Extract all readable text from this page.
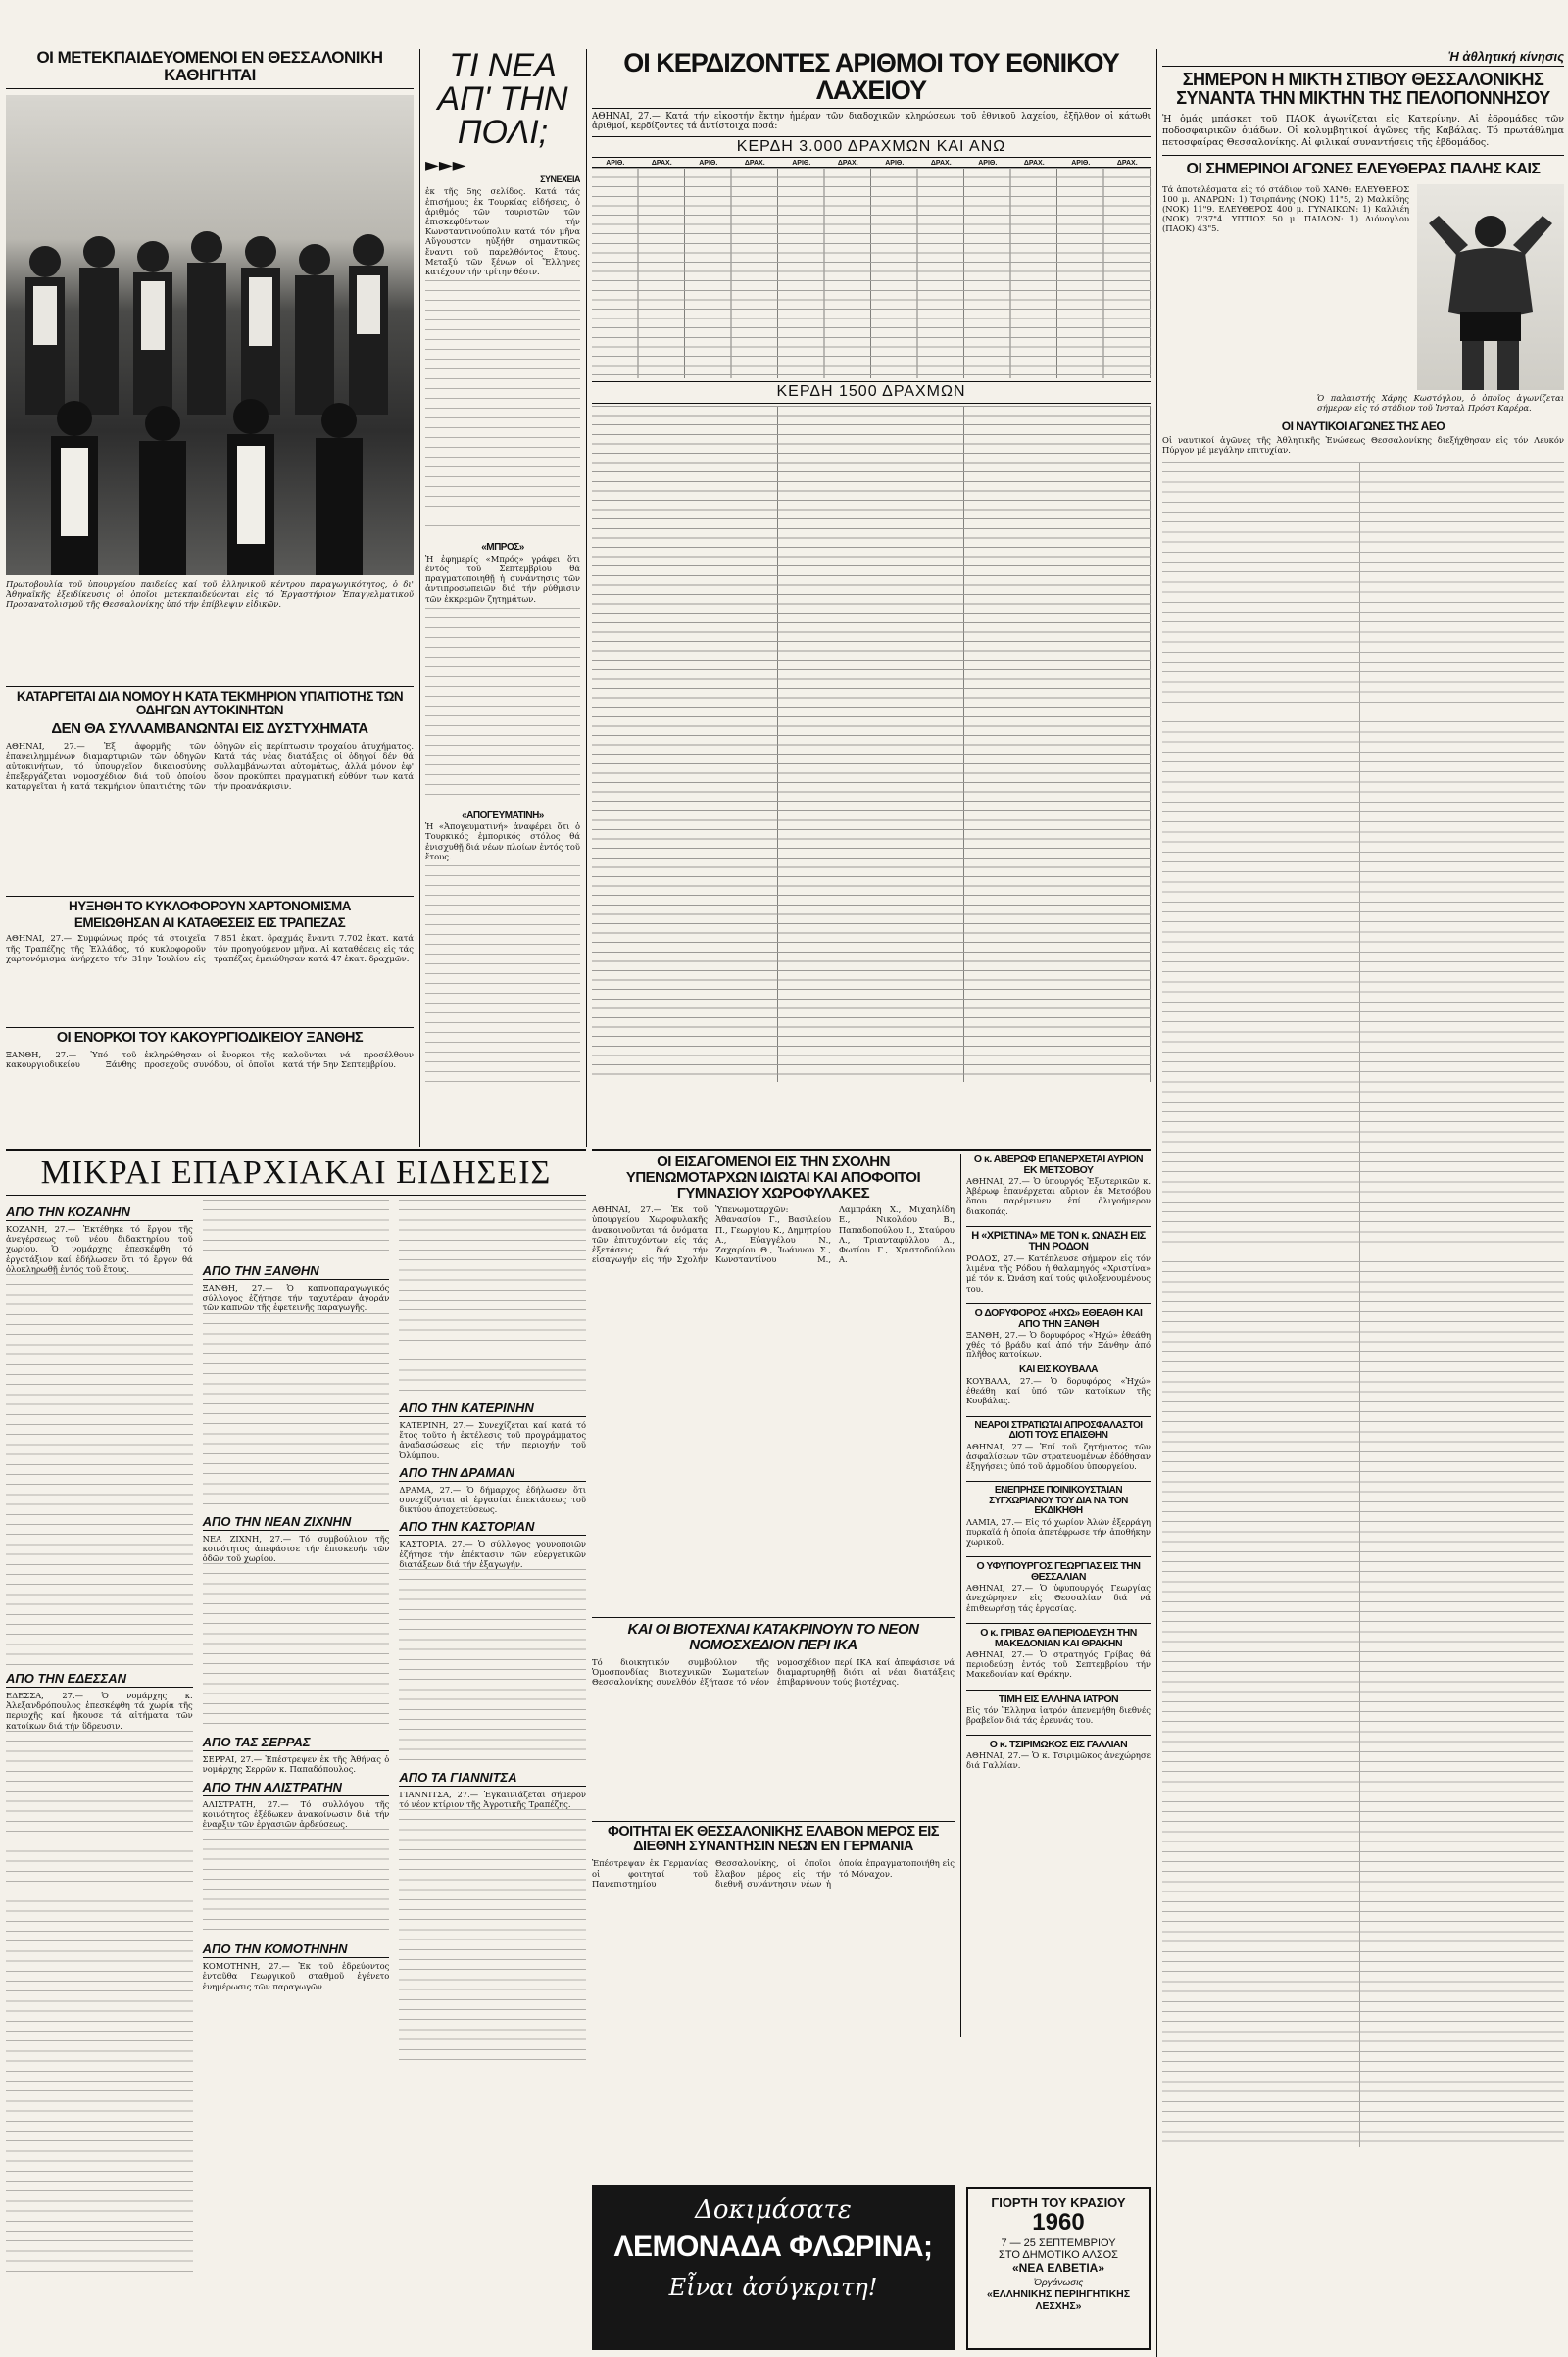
ΟΙ ΜΕΤΕΚΠΑΙΔΕΥΟΜΕΝΟΙ ΕΝ ΘΕΣΣΑΛΟΝΙΚΗ ΚΑΘΗΓΗΤΑΙ
Πρωτοβουλία τοῦ ὑπουργείου παιδείας καί τοῦ ἑλληνικοῦ κέντρου παραγωγικότητος, ὁ δι' Ἀθηναϊκῆς ἐξειδίκευσις οἱ ὁποῖοι μετεκπαιδεύονται εἰς τό Ἐργαστήριον Ἐπαγγελματικοῦ Προσανατολισμοῦ τῆς Θεσσαλονίκης ὑπό τήν ἐπίβλεψιν εἰδικῶν.
ΚΑΤΑΡΓΕΙΤΑΙ ΔΙΑ ΝΟΜΟΥ Η ΚΑΤΑ ΤΕΚΜΗΡΙΟΝ ΥΠΑΙΤΙΟΤΗΣ ΤΩΝ ΟΔΗΓΩΝ ΑΥΤΟΚΙΝΗΤΩΝ
ΔΕΝ ΘΑ ΣΥΛΛΑΜΒΑΝΩΝΤΑΙ ΕΙΣ ΔΥΣΤΥΧΗΜΑΤΑ
ΑΘΗΝΑΙ, 27.— Ἐξ ἀφορμῆς τῶν ἐπανειλημμένων διαμαρτυριῶν τῶν ὁδηγῶν αὐτοκινήτων, τό ὑπουργεῖον δικαιοσύνης ἐπεξεργάζεται νομοσχέδιον διά τοῦ ὁποίου καταργεῖται ἡ κατά τεκμήριον ὑπαιτιότης τῶν ὁδηγῶν εἰς περίπτωσιν τροχαίου ἀτυχήματος. Κατά τάς νέας διατάξεις οἱ ὁδηγοί δέν θά συλλαμβάνωνται αὐτομάτως, ἀλλά μόνον ἐφ' ὅσον προκύπτει πραγματική εὐθύνη των κατά τήν προανάκρισιν.
ΗΥΞΗΘΗ ΤΟ ΚΥΚΛΟΦΟΡΟΥΝ ΧΑΡΤΟΝΟΜΙΣΜΑ
ΕΜΕΙΩΘΗΣΑΝ ΑΙ ΚΑΤΑΘΕΣΕΙΣ ΕΙΣ ΤΡΑΠΕΖΑΣ
ΑΘΗΝΑΙ, 27.— Συμφώνως πρός τά στοιχεῖα τῆς Τραπέζης τῆς Ἑλλάδος, τό κυκλοφοροῦν χαρτονόμισμα ἀνήρχετο τήν 31ην Ἰουλίου εἰς 7.851 ἑκατ. δραχμάς ἔναντι 7.702 ἑκατ. κατά τόν προηγούμενον μῆνα. Αἱ καταθέσεις εἰς τάς τραπέζας ἐμειώθησαν κατά 47 ἑκατ. δραχμῶν.
ΟΙ ΕΝΟΡΚΟΙ ΤΟΥ ΚΑΚΟΥΡΓΙΟΔΙΚΕΙΟΥ ΞΑΝΘΗΣ
ΞΑΝΘΗ, 27.— Ὑπό τοῦ κακουργιοδικείου Ξάνθης ἐκληρώθησαν οἱ ἔνορκοι τῆς προσεχοῦς συνόδου, οἱ ὁποῖοι καλοῦνται νά προσέλθουν κατά τήν 5ην Σεπτεμβρίου.
ΤΙ ΝΕΑ ΑΠ' ΤΗΝ ΠΟΛΙ;
►►►
ΣΥΝΕΧΕΙΑ
ἐκ τῆς 5ης σελίδος. Κατά τάς ἐπισήμους ἐκ Τουρκίας εἰδήσεις, ὁ ἀριθμός τῶν τουριστῶν τῶν ἐπισκεφθέντων τήν Κωνσταντινούπολιν κατά τόν μῆνα Αὔγουστον ηὐξήθη σημαντικῶς ἔναντι τοῦ παρελθόντος ἔτους. Μεταξύ τῶν ξένων οἱ Ἕλληνες κατέχουν τήν τρίτην θέσιν.
«ΜΠΡΟΣ»
Ἡ ἐφημερίς «Μπρός» γράφει ὅτι ἐντός τοῦ Σεπτεμβρίου θά πραγματοποιηθῇ ἡ συνάντησις τῶν ἀντιπροσωπειῶν διά τήν ρύθμισιν τῶν ἐκκρεμῶν ζητημάτων.
«ΑΠΟΓΕΥΜΑΤΙΝΗ»
Ἡ «Ἀπογευματινή» ἀναφέρει ὅτι ὁ Τουρκικός ἐμπορικός στόλος θά ἐνισχυθῇ διά νέων πλοίων ἐντός τοῦ ἔτους.
ΟΙ ΚΕΡΔΙΖΟΝΤΕΣ ΑΡΙΘΜΟΙ ΤΟΥ ΕΘΝΙΚΟΥ ΛΑΧΕΙΟΥ
ΑΘΗΝΑΙ, 27.— Κατά τήν εἰκοστήν ἕκτην ἡμέραν τῶν διαδοχικῶν κληρώσεων τοῦ ἐθνικοῦ λαχείου, ἐξῆλθον οἱ κάτωθι ἀριθμοί, κερδίζοντες τά ἀντίστοιχα ποσά:
ΚΕΡΔΗ 3.000 ΔΡΑΧΜΩΝ ΚΑΙ ΑΝΩ
ΑΡΙΘ.	ΔΡΑΧ.	ΑΡΙΘ.	ΔΡΑΧ.	ΑΡΙΘ.	ΔΡΑΧ.	ΑΡΙΘ.	ΔΡΑΧ.	ΑΡΙΘ.	ΔΡΑΧ.	ΑΡΙΘ.	ΔΡΑΧ.
ΚΕΡΔΗ 1500 ΔΡΑΧΜΩΝ
Ἡ ἀθλητική κίνησις
ΣΗΜΕΡΟΝ Η ΜΙΚΤΗ ΣΤΙΒΟΥ ΘΕΣΣΑΛΟΝΙΚΗΣ ΣΥΝΑΝΤΑ ΤΗΝ ΜΙΚΤΗΝ ΤΗΣ ΠΕΛΟΠΟΝΝΗΣΟΥ
Ἡ ὁμάς μπάσκετ τοῦ ΠΑΟΚ ἀγωνίζεται εἰς Κατερίνην. Αἱ ἑδρομάδες τῶν ποδοσφαιρικῶν ὁμάδων. Οἱ κολυμβητικοί ἀγῶνες τῆς Καβάλας. Τό πρωτάθλημα πετοσφαίρας Θεσσαλονίκης. Αἱ φιλικαί συναντήσεις τῆς ἑβδομάδος.
ΟΙ ΣΗΜΕΡΙΝΟΙ ΑΓΩΝΕΣ ΕΛΕΥΘΕΡΑΣ ΠΑΛΗΣ ΚΑΙΣ
Τά ἀποτελέσματα εἰς τό στάδιον τοῦ ΧΑΝΘ: ΕΛΕΥΘΕΡΟΣ 100 μ. ΑΝΔΡΩΝ: 1) Τσιρπάνης (ΝΟΚ) 11"5, 2) Μαλκίδης (ΝΟΚ) 11"9. ΕΛΕΥΘΕΡΟΣ 400 μ. ΓΥΝΑΙΚΩΝ: 1) Καλλιέη (ΝΟΚ) 7'37"4. ΥΠΤΙΟΣ 50 μ. ΠΑΙΔΩΝ: 1) Διόνογλου (ΠΑΟΚ) 43"5.
Ὁ παλαιστής Χάρης Κωστόγλου, ὁ ὁποῖος ἀγωνίζεται σήμερον εἰς τό στάδιον τοῦ Ἰνσταλ Πρόστ Καρέρα.
ΟΙ ΝΑΥΤΙΚΟΙ ΑΓΩΝΕΣ ΤΗΣ ΑΕΟ
Οἱ ναυτικοί ἀγῶνες τῆς Ἀθλητικῆς Ἑνώσεως Θεσσαλονίκης διεξήχθησαν εἰς τόν Λευκόν Πύργον μέ μεγάλην ἐπιτυχίαν.
ΜΙΚΡΑΙ ΕΠΑΡΧΙΑΚΑΙ ΕΙΔΗΣΕΙΣ
ΑΠΟ ΤΗΝ ΚΟΖΑΝΗΝ
ΚΟΖΑΝΗ, 27.— Ἐκτέθηκε τό ἔργον τῆς ἀνεγέρσεως τοῦ νέου διδακτηρίου τοῦ χωρίου. Ὁ νομάρχης ἐπεσκέφθη τό ἐργοτάξιον καί ἐδήλωσεν ὅτι τό ἔργον θά ὁλοκληρωθῇ ἐντός τοῦ ἔτους.
ΑΠΟ ΤΗΝ ΕΔΕΣΣΑΝ
ΕΔΕΣΣΑ, 27.— Ὁ νομάρχης κ. Ἀλεξανδρόπουλος ἐπεσκέφθη τά χωρία τῆς περιοχῆς καί ἤκουσε τά αἰτήματα τῶν κατοίκων διά τήν ὕδρευσιν.
ΑΠΟ ΤΗΝ ΞΑΝΘΗΝ
ΞΑΝΘΗ, 27.— Ὁ καπνοπαραγωγικός σύλλογος ἐζήτησε τήν ταχυτέραν ἀγοράν τῶν καπνῶν τῆς ἐφετεινῆς παραγωγῆς.
ΑΠΟ ΤΗΝ ΝΕΑΝ ΖΙΧΝΗΝ
ΝΕΑ ΖΙΧΝΗ, 27.— Τό συμβούλιον τῆς κοινότητος ἀπεφάσισε τήν ἐπισκευήν τῶν ὁδῶν τοῦ χωρίου.
ΑΠΟ ΤΑΣ ΣΕΡΡΑΣ
ΣΕΡΡΑΙ, 27.— Ἐπέστρεψεν ἐκ τῆς Ἀθήνας ὁ νομάρχης Σερρῶν κ. Παπαδόπουλος.
ΑΠΟ ΤΗΝ ΑΛΙΣΤΡΑΤΗΝ
ΑΛΙΣΤΡΑΤΗ, 27.— Τό συλλόγου τῆς κοινότητος ἐξέδωκεν ἀνακοίνωσιν διά τήν ἐναρξιν τῶν ἐργασιῶν ἀρδεύσεως.
ΑΠΟ ΤΗΝ ΚΟΜΟΤΗΝΗΝ
ΚΟΜΟΤΗΝΗ, 27.— Ἐκ τοῦ ἑδρεύοντος ἐνταῦθα Γεωργικοῦ σταθμοῦ ἐγένετο ἐνημέρωσις τῶν παραγωγῶν.
ΑΠΟ ΤΗΝ ΚΑΤΕΡΙΝΗΝ
ΚΑΤΕΡΙΝΗ, 27.— Συνεχίζεται καί κατά τό ἔτος τοῦτο ἡ ἐκτέλεσις τοῦ προγράμματος ἀναδασώσεως εἰς τήν περιοχήν τοῦ Ὀλύμπου.
ΑΠΟ ΤΗΝ ΔΡΑΜΑΝ
ΔΡΑΜΑ, 27.— Ὁ δήμαρχος ἐδήλωσεν ὅτι συνεχίζονται αἱ ἐργασίαι ἐπεκτάσεως τοῦ δικτύου ἀποχετεύσεως.
ΑΠΟ ΤΗΝ ΚΑΣΤΟΡΙΑΝ
ΚΑΣΤΟΡΙΑ, 27.— Ὁ σύλλογος γουνοποιῶν ἐζήτησε τήν ἐπέκτασιν τῶν εὐεργετικῶν διατάξεων διά τήν ἐξαγωγήν.
ΑΠΟ ΤΑ ΓΙΑΝΝΙΤΣΑ
ΓΙΑΝΝΙΤΣΑ, 27.— Ἐγκαινιάζεται σήμερον τό νέον κτίριον τῆς Ἀγροτικῆς Τραπέζης.
ΟΙ ΕΙΣΑΓΟΜΕΝΟΙ ΕΙΣ ΤΗΝ ΣΧΟΛΗΝ ΥΠΕΝΩΜΟΤΑΡΧΩΝ ΙΔΙΩΤΑΙ ΚΑΙ ΑΠΟΦΟΙΤΟΙ ΓΥΜΝΑΣΙΟΥ ΧΩΡΟΦΥΛΑΚΕΣ
ΑΘΗΝΑΙ, 27.— Ἐκ τοῦ ὑπουργείου Χωροφυλακῆς ἀνακοινοῦνται τά ὀνόματα τῶν ἐπιτυχόντων εἰς τάς ἐξετάσεις διά τήν εἰσαγωγήν εἰς τήν Σχολήν Ὑπενωμοταρχῶν: Ἀθανασίου Γ., Βασιλείου Π., Γεωργίου Κ., Δημητρίου Α., Εὐαγγέλου Ν., Ζαχαρίου Θ., Ἰωάννου Σ., Κωνσταντίνου Μ., Λαμπράκη Χ., Μιχαηλίδη Ε., Νικολάου Β., Παπαδοπούλου Ι., Σταύρου Λ., Τριανταφύλλου Δ., Φωτίου Γ., Χριστοδούλου Α.
ΚΑΙ ΟΙ ΒΙΟΤΕΧΝΑΙ ΚΑΤΑΚΡΙΝΟΥΝ ΤΟ ΝΕΟΝ ΝΟΜΟΣΧΕΔΙΟΝ ΠΕΡΙ ΙΚΑ
Τό διοικητικόν συμβούλιον τῆς Ὁμοσπονδίας Βιοτεχνικῶν Σωματείων Θεσσαλονίκης συνελθόν ἐξήτασε τό νέον νομοσχέδιον περί ΙΚΑ καί ἀπεφάσισε νά διαμαρτυρηθῇ διότι αἱ νέαι διατάξεις ἐπιβαρύνουν τούς βιοτέχνας.
ΦΟΙΤΗΤΑΙ ΕΚ ΘΕΣΣΑΛΟΝΙΚΗΣ ΕΛΑΒΟΝ ΜΕΡΟΣ ΕΙΣ ΔΙΕΘΝΗ ΣΥΝΑΝΤΗΣΙΝ ΝΕΩΝ ΕΝ ΓΕΡΜΑΝΙΑ
Ἐπέστρεψαν ἐκ Γερμανίας οἱ φοιτηταί τοῦ Πανεπιστημίου Θεσσαλονίκης, οἱ ὁποῖοι ἔλαβον μέρος εἰς τήν διεθνῆ συνάντησιν νέων ἡ ὁποία ἐπραγματοποιήθη εἰς τό Μόναχον.
Ο κ. ΑΒΕΡΩΦ ΕΠΑΝΕΡΧΕΤΑΙ ΑΥΡΙΟΝ ΕΚ ΜΕΤΣΟΒΟΥ
ΑΘΗΝΑΙ, 27.— Ὁ ὑπουργός Ἐξωτερικῶν κ. Ἀβέρωφ ἐπανέρχεται αὔριον ἐκ Μετσόβου ὅπου παρέμεινεν ἐπί ὀλιγοήμερον διακοπάς.
Η «ΧΡΙΣΤΙΝΑ» ΜΕ ΤΟΝ κ. ΩΝΑΣΗ ΕΙΣ ΤΗΝ ΡΟΔΟΝ
ΡΟΔΟΣ, 27.— Κατέπλευσε σήμερον εἰς τόν λιμένα τῆς Ρόδου ἡ θαλαμηγός «Χριστίνα» μέ τόν κ. Ὠνάση καί τούς φιλοξενουμένους του.
Ο ΔΟΡΥΦΟΡΟΣ «ΗΧΩ» ΕΘΕΑΘΗ ΚΑΙ ΑΠΟ ΤΗΝ ΞΑΝΘΗ
ΞΑΝΘΗ, 27.— Ὁ δορυφόρος «Ἠχώ» ἐθεάθη χθές τό βράδυ καί ἀπό τήν Ξάνθην ἀπό πλῆθος κατοίκων.
ΚΑΙ ΕΙΣ ΚΟΥΒΑΛΑ
ΚΟΥΒΑΛΑ, 27.— Ὁ δορυφόρος «Ἠχώ» ἐθεάθη καί ὑπό τῶν κατοίκων τῆς Κουβάλας.
ΝΕΑΡΟΙ ΣΤΡΑΤΙΩΤΑΙ ΑΠΡΟΣΦΑΛΑΣΤΟΙ ΔΙΟΤΙ ΤΟΥΣ ΕΠΑΙΣΘΗΝ
ΑΘΗΝΑΙ, 27.— Ἐπί τοῦ ζητήματος τῶν ἀσφαλίσεων τῶν στρατευομένων ἐδόθησαν ἐξηγήσεις ὑπό τοῦ ἁρμοδίου ὑπουργείου.
ΕΝΕΠΡΗΣΕ ΠΟΙΝΙΚΟΥΣΤΑΙΑΝ ΣΥΓΧΩΡΙΑΝΟΥ ΤΟΥ ΔΙΑ ΝΑ ΤΟΝ ΕΚΔΙΚΗΘΗ
ΛΑΜΙΑ, 27.— Εἰς τό χωρίον Ἀλών ἐξερράγη πυρκαϊά ἡ ὁποία ἀπετέφρωσε τήν ἀποθήκην χωρικοῦ.
Ο ΥΦΥΠΟΥΡΓΟΣ ΓΕΩΡΓΙΑΣ ΕΙΣ ΤΗΝ ΘΕΣΣΑΛΙΑΝ
ΑΘΗΝΑΙ, 27.— Ὁ ὑφυπουργός Γεωργίας ἀνεχώρησεν εἰς Θεσσαλίαν διά νά ἐπιθεωρήσῃ τάς ἐργασίας.
Ο κ. ΓΡΙΒΑΣ ΘΑ ΠΕΡΙΟΔΕΥΣΗ ΤΗΝ ΜΑΚΕΔΟΝΙΑΝ ΚΑΙ ΘΡΑΚΗΝ
ΑΘΗΝΑΙ, 27.— Ὁ στρατηγός Γρίβας θά περιοδεύσῃ ἐντός τοῦ Σεπτεμβρίου τήν Μακεδονίαν καί Θράκην.
ΤΙΜΗ ΕΙΣ ΕΛΛΗΝΑ ΙΑΤΡΟΝ
Εἰς τόν Ἕλληνα ἰατρόν ἀπενεμήθη διεθνές βραβεῖον διά τάς ἐρευνάς του.
Ο κ. ΤΣΙΡΙΜΩΚΟΣ ΕΙΣ ΓΑΛΛΙΑΝ
ΑΘΗΝΑΙ, 27.— Ὁ κ. Τσιριμῶκος ἀνεχώρησε διά Γαλλίαν.
Δοκιμάσατε
ΛΕΜΟΝΑΔΑ ΦΛΩΡΙΝΑ;
Εἶναι ἀσύγκριτη!
ΓΙΟΡΤΗ ΤΟΥ ΚΡΑΣΙΟΥ
1960
7 — 25 ΣΕΠΤΕΜΒΡΙΟΥ
ΣΤΟ ΔΗΜΟΤΙΚΟ ΑΛΣΟΣ
«ΝΕΑ ΕΛΒΕΤΙΑ»
Ὀργάνωσις
«ΕΛΛΗΝΙΚΗΣ ΠΕΡΙΗΓΗΤΙΚΗΣ ΛΕΣΧΗΣ»
